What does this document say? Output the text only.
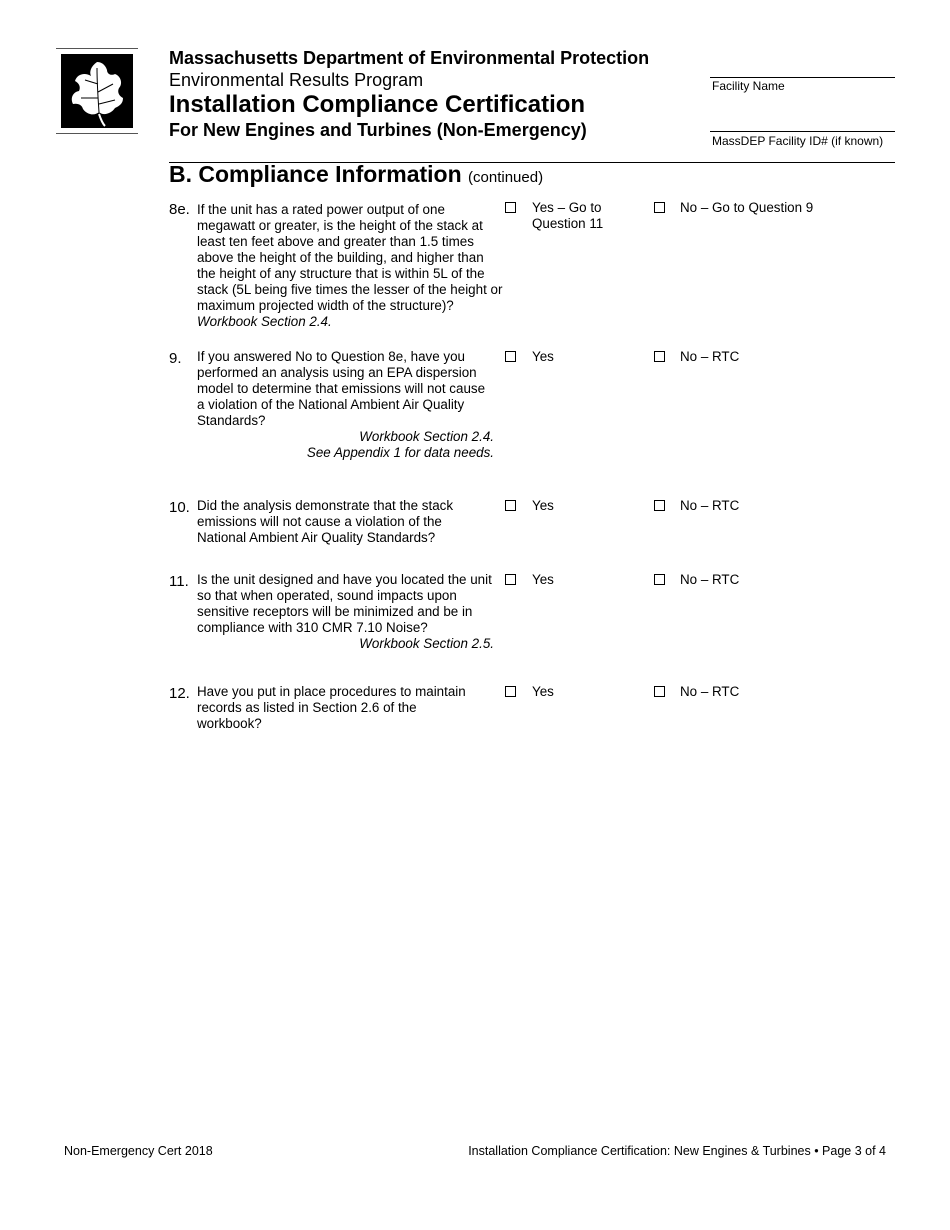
Massachusetts Department of Environmental Protection
Environmental Results Program
Installation Compliance Certification
For New Engines and Turbines (Non-Emergency)
Facility Name
MassDEP Facility ID# (if known)
B. Compliance Information (continued)
8e. If the unit has a rated power output of one megawatt or greater, is the height of the stack at least ten feet above and greater than 1.5 times above the height of the building, and higher than the height of any structure that is within 5L of the stack (5L being five times the lesser of the height or maximum projected width of the structure)?
Workbook Section 2.4.
Yes – Go to Question 11
No – Go to Question 9
9. If you answered No to Question 8e, have you performed an analysis using an EPA dispersion model to determine that emissions will not cause a violation of the National Ambient Air Quality Standards?
Workbook Section 2.4.
See Appendix 1 for data needs.
Yes	No – RTC
10. Did the analysis demonstrate that the stack emissions will not cause a violation of the National Ambient Air Quality Standards?
Yes	No – RTC
11. Is the unit designed and have you located the unit so that when operated, sound impacts upon sensitive receptors will be minimized and be in compliance with 310 CMR 7.10 Noise?
Workbook Section 2.5.
Yes	No – RTC
12. Have you put in place procedures to maintain records as listed in Section 2.6 of the workbook?
Yes	No – RTC
Non-Emergency Cert 2018	Installation Compliance Certification: New Engines & Turbines • Page 3 of 4
